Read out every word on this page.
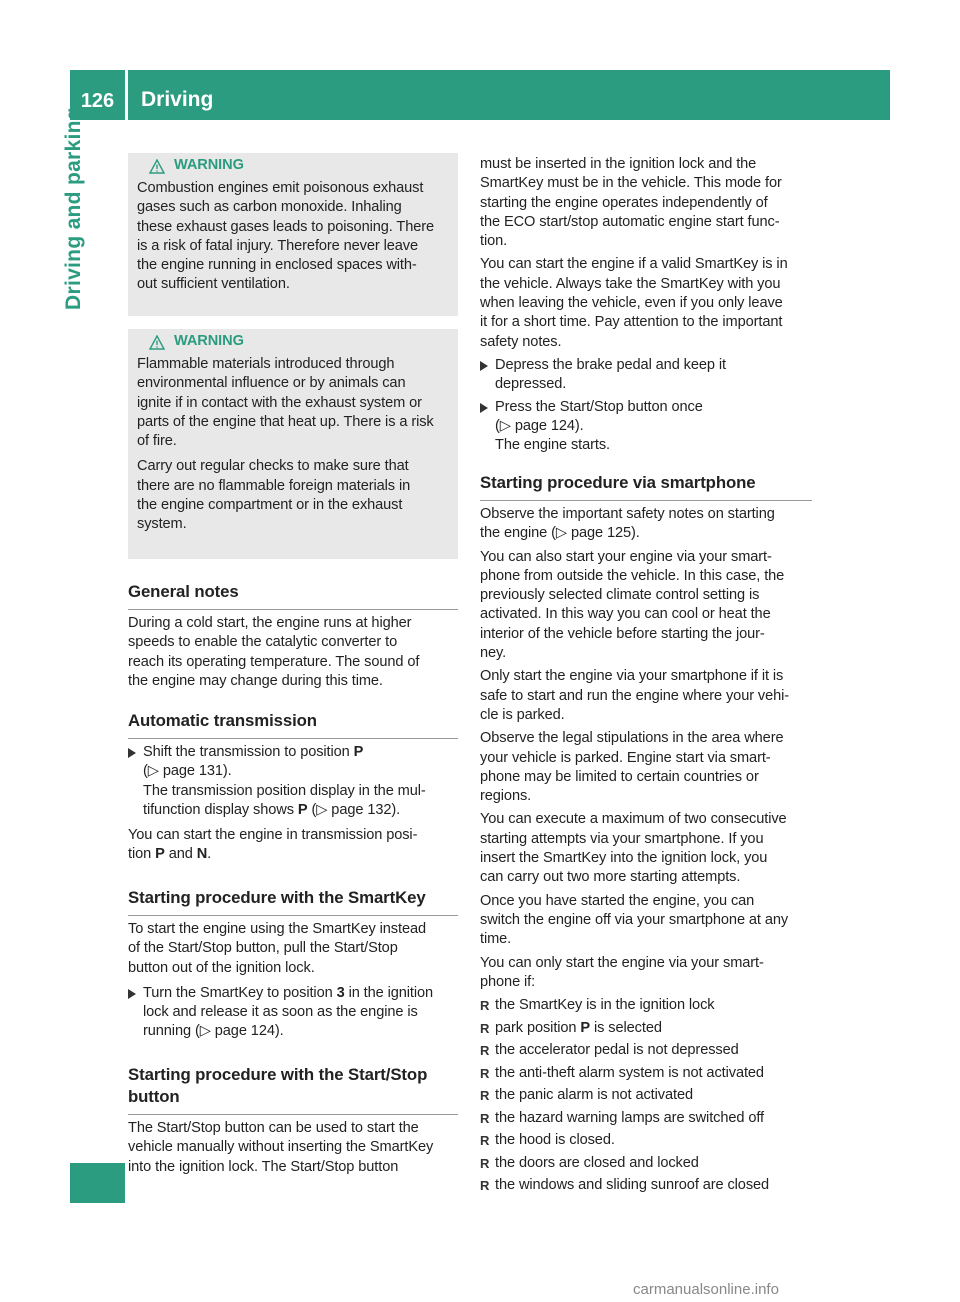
126	Driving
Driving and parking	WARNING

Combustion engines emit poisonous exhaust
gases such as carbon monoxide. Inhaling
these exhaust gases leads to poisoning. There
is a risk of fatal injury. Therefore never leave
the engine running in enclosed spaces with-
out sufficient ventilation.

WARNING

Flammable materials introduced through
environmental influence or by animals can
ignite if in contact with the exhaust system or
parts of the engine that heat up. There is a risk
of fire.

Carry out regular checks to make sure that
there are no flammable foreign materials in
the engine compartment or in the exhaust
system.

General notes

During a cold start, the engine runs at higher
speeds to enable the catalytic converter to
reach its operating temperature. The sound of
the engine may change during this time.

Automatic transmission
Shift the transmission to position P
(▷ page 131).
The transmission position display in the mul-
tifunction display shows P (▷ page 132).

You can start the engine in transmission posi-
tion P and N.

Starting procedure with the SmartKey

To start the engine using the SmartKey instead
of the Start/Stop button, pull the Start/Stop
button out of the ignition lock.

Turn the SmartKey to position 3 in the ignition
lock and release it as soon as the engine is
running (▷ page 124).
Starting procedure with the Start/Stop
button

The Start/Stop button can be used to start the
vehicle manually without inserting the SmartKey
into the ignition lock. The Start/Stop button

must be inserted in the ignition lock and the
SmartKey must be in the vehicle. This mode for
starting the engine operates independently of
the ECO start/stop automatic engine start func-
tion.

You can start the engine if a valid SmartKey is in
the vehicle. Always take the SmartKey with you
when leaving the vehicle, even if you only leave
it for a short time. Pay attention to the important
safety notes.

Depress the brake pedal and keep it
depressed.
Press the Start/Stop button once
(▷ page 124).
The engine starts.
Starting procedure via smartphone

Observe the important safety notes on starting
the engine (▷ page 125).

You can also start your engine via your smart-
phone from outside the vehicle. In this case, the
previously selected climate control setting is
activated. In this way you can cool or heat the
interior of the vehicle before starting the jour-
ney.

Only start the engine via your smartphone if it is
safe to start and run the engine where your vehi-
cle is parked.

Observe the legal stipulations in the area where
your vehicle is parked. Engine start via smart-
phone may be limited to certain countries or
regions.

You can execute a maximum of two consecutive
starting attempts via your smartphone. If you
insert the SmartKey into the ignition lock, you
can carry out two more starting attempts.

Once you have started the engine, you can
switch the engine off via your smartphone at any
time.

You can only start the engine via your smart-
phone if:

R the SmartKey is in the ignition lock
R park position P is selected
R the accelerator pedal is not depressed
R the anti-theft alarm system is not activated
R the panic alarm is not activated
R the hazard warning lamps are switched off
R the hood is closed.
R the doors are closed and locked
R the windows and sliding sunroof are closed
carmanualsonline.info
